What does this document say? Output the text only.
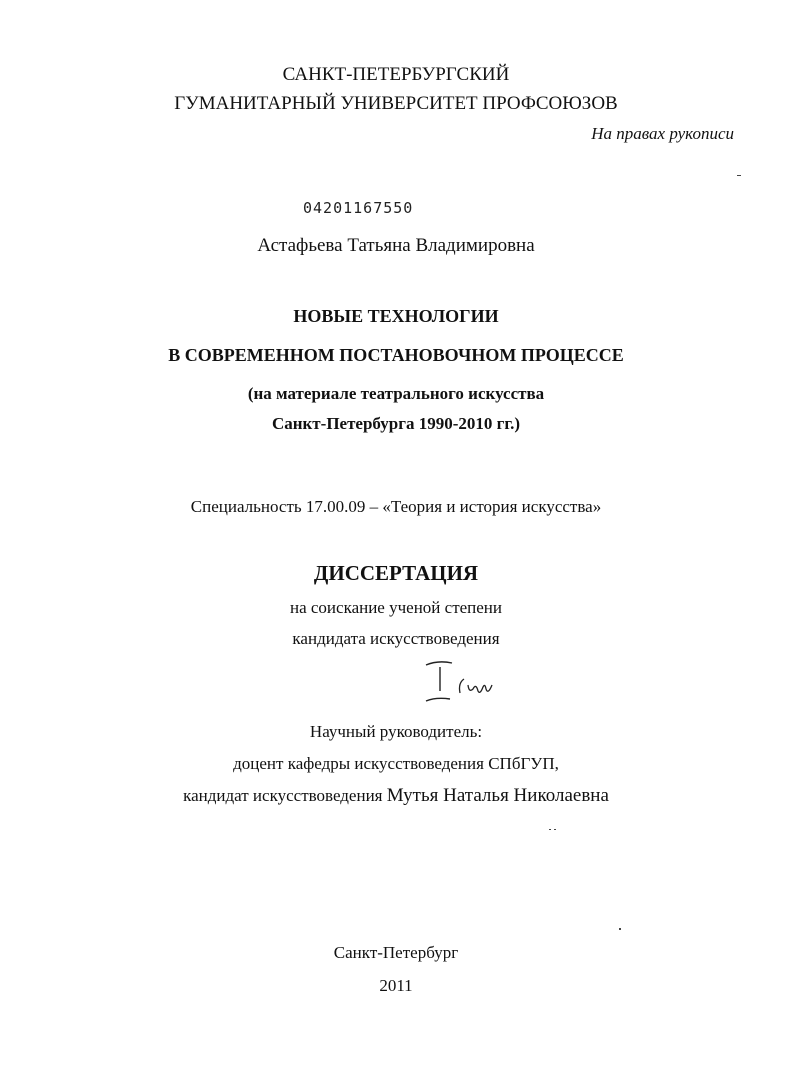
САНКТ-ПЕТЕРБУРГСКИЙ
ГУМАНИТАРНЫЙ УНИВЕРСИТЕТ ПРОФСОЮЗОВ
На правах рукописи
04201167550
Астафьева Татьяна Владимировна
НОВЫЕ ТЕХНОЛОГИИ
В СОВРЕМЕННОМ ПОСТАНОВОЧНОМ ПРОЦЕССЕ
(на материале театрального искусства
Санкт-Петербурга 1990-2010 гг.)
Специальность 17.00.09 – «Теория и история искусства»
ДИССЕРТАЦИЯ
на соискание ученой степени
кандидата искусствоведения
Научный руководитель:
доцент кафедры искусствоведения СПбГУП,
кандидат искусствоведения Мутья Наталья Николаевна
Санкт-Петербург
2011
